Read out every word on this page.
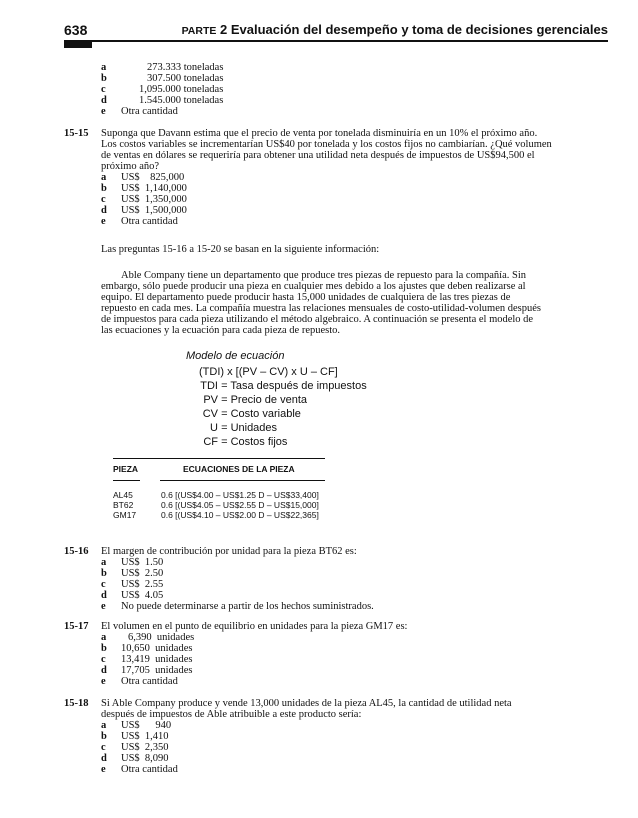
638	PARTE 2 Evaluación del desempeño y toma de decisiones gerenciales
a	273.333 toneladas
b	307.500 toneladas
c	1,095.000 toneladas
d	1.545.000 toneladas
e Otra cantidad
15-15 Suponga que Davann estima que el precio de venta por tonelada disminuiría en un 10% el próximo año.
Los costos variables se incrementarían US$40 por tonelada y los costos fijos no cambiarían. ¿Qué volumen
de ventas en dólares se requeriría para obtener una utilidad neta después de impuestos de US$94,500 el
próximo año?
a US$    825,000
b US$  1,140,000
c US$  1,350,000
d US$  1,500,000
e Otra cantidad
Las preguntas 15-16 a 15-20 se basan en la siguiente información:
Able Company tiene un departamento que produce tres piezas de repuesto para la compañía. Sin
embargo, sólo puede producir una pieza en cualquier mes debido a los ajustes que deben realizarse al
equipo. El departamento puede producir hasta 15,000 unidades de cualquiera de las tres piezas de
repuesto en cada mes. La compañía muestra las relaciones mensuales de costo-utilidad-volumen después
de impuestos para cada pieza utilizando el método algebraico. A continuación se presenta el modelo de
las ecuaciones y la ecuación para cada pieza de repuesto.
Modelo de ecuación
(TDI) x [(PV – CV) x U – CF]
TDI = Tasa después de impuestos
PV = Precio de venta
CV = Costo variable
U = Unidades
CF = Costos fijos
PIEZA	ECUACIONES DE LA PIEZA
AL45	0.6 [(US$4.00 – US$1.25 D – US$33,400]
BT62	0.6 [(US$4.05 – US$2.55 D – US$15,000]
GM17	0.6 [(US$4.10 – US$2.00 D – US$22,365]
15-16 El margen de contribución por unidad para la pieza BT62 es:
a US$  1.50
b US$  2.50
c US$  2.55
d US$  4.05
e No puede determinarse a partir de los hechos suministrados.
15-17 El volumen en el punto de equilibrio en unidades para la pieza GM17 es:
a 6,390  unidades
b 10,650  unidades
c 13,419  unidades
d 17,705  unidades
e Otra cantidad
15-18 Si Able Company produce y vende 13,000 unidades de la pieza AL45, la cantidad de utilidad neta
después de impuestos de Able atribuible a este producto sería:
a US$      940
b US$  1,410
c US$  2,350
d US$  8,090
e Otra cantidad
